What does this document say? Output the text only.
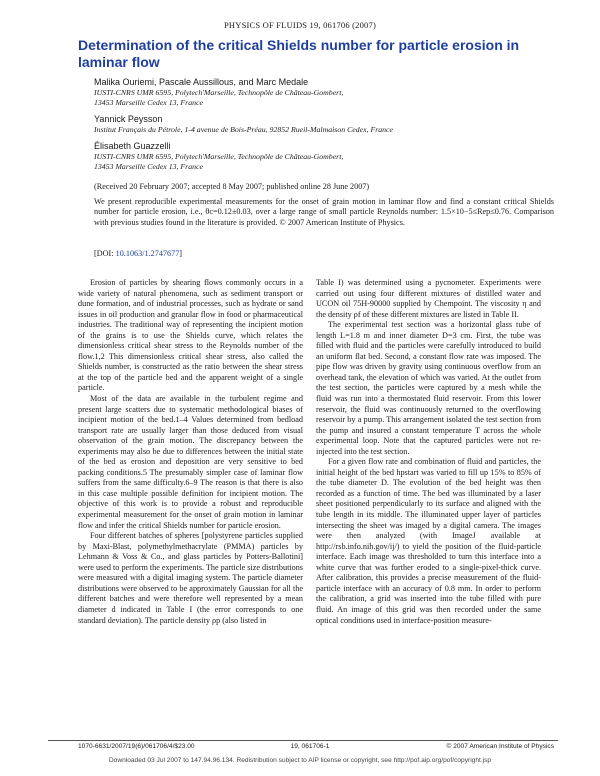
PHYSICS OF FLUIDS 19, 061706 (2007)
Determination of the critical Shields number for particle erosion in laminar flow
Malika Ouriemi, Pascale Aussillous, and Marc Medale
IUSTI-CNRS UMR 6595, Polytech'Marseille, Technopôle de Château-Gombert,
13453 Marseille Cedex 13, France
Yannick Peysson
Institut Français du Pétrole, 1-4 avenue de Bois-Préau, 92852 Rueil-Malmaison Cedex, France
Élisabeth Guazzelli
IUSTI-CNRS UMR 6595, Polytech'Marseille, Technopôle de Château-Gombert,
13453 Marseille Cedex 13, France
(Received 20 February 2007; accepted 8 May 2007; published online 28 June 2007)
We present reproducible experimental measurements for the onset of grain motion in laminar flow and find a constant critical Shields number for particle erosion, i.e., θc=0.12±0.03, over a large range of small particle Reynolds number: 1.5×10−5≤Rep≤0.76. Comparison with previous studies found in the literature is provided. © 2007 American Institute of Physics.
[DOI: 10.1063/1.2747677]

Erosion of particles by shearing flows commonly occurs in a wide variety of natural phenomena, such as sediment transport or dune formation, and of industrial processes, such as hydrate or sand issues in oil production and granular flow in food or pharmaceutical industries. The traditional way of representing the incipient motion of the grains is to use the Shields curve, which relates the dimensionless critical shear stress to the Reynolds number of the flow.1,2 This dimensionless critical shear stress, also called the Shields number, is constructed as the ratio between the shear stress at the top of the particle bed and the apparent weight of a single particle.

Most of the data are available in the turbulent regime and present large scatters due to systematic methodological biases of incipient motion of the bed.1–4 Values determined from bedload transport rate are usually larger than those deduced from visual observation of the grain motion. The discrepancy between the experiments may also be due to differences between the initial state of the bed as erosion and deposition are very sensitive to bed packing conditions.5 The presumably simpler case of laminar flow suffers from the same difficulty.6–9 The reason is that there is also in this case multiple possible definition for incipient motion. The objective of this work is to provide a robust and reproducible experimental measurement for the onset of grain motion in laminar flow and infer the critical Shields number for particle erosion.

Four different batches of spheres [polystyrene particles supplied by Maxi-Blast, polymethylmethacrylate (PMMA) particles by Lehmann & Voss & Co., and glass particles by Potters-Ballotini] were used to perform the experiments. The particle size distributions were measured with a digital imaging system. The particle diameter distributions were observed to be approximately Gaussian for all the different batches and were therefore well represented by a mean diameter d indicated in Table I (the error corresponds to one standard deviation). The particle density ρp (also listed in

Table I) was determined using a pycnometer. Experiments were carried out using four different mixtures of distilled water and UCON oil 75H-90000 supplied by Chempoint. The viscosity η and the density ρf of these different mixtures are listed in Table II.

The experimental test section was a horizontal glass tube of length L=1.8 m and inner diameter D=3 cm. First, the tube was filled with fluid and the particles were carefully introduced to build an uniform flat bed. Second, a constant flow rate was imposed. The pipe flow was driven by gravity using continuous overflow from an overhead tank, the elevation of which was varied. At the outlet from the test section, the particles were captured by a mesh while the fluid was run into a thermostated fluid reservoir. From this lower reservoir, the fluid was continuously returned to the overflowing reservoir by a pump. This arrangement isolated the test section from the pump and insured a constant temperature T across the whole experimental loop. Note that the captured particles were not re-injected into the test section.

For a given flow rate and combination of fluid and particles, the initial height of the bed hpstart was varied to fill up 15% to 85% of the tube diameter D. The evolution of the bed height was then recorded as a function of time. The bed was illuminated by a laser sheet positioned perpendicularly to its surface and aligned with the tube length in its middle. The illuminated upper layer of particles intersecting the sheet was imaged by a digital camera. The images were then analyzed (with ImageJ available at http://rsb.info.nih.gov/ij/) to yield the position of the fluid-particle interface. Each image was thresholded to turn this interface into a white curve that was further eroded to a single-pixel-thick curve. After calibration, this provides a precise measurement of the fluid-particle interface with an accuracy of 0.8 mm. In order to perform the calibration, a grid was inserted into the tube filled with pure fluid. An image of this grid was then recorded under the same optical conditions used in interface-position measure-

1070-6631/2007/19(6)/061706/4/$23.00	19, 061706-1	© 2007 American Institute of Physics
Downloaded 03 Jul 2007 to 147.94.96.134. Redistribution subject to AIP license or copyright, see http://pof.aip.org/pof/copyright.jsp
